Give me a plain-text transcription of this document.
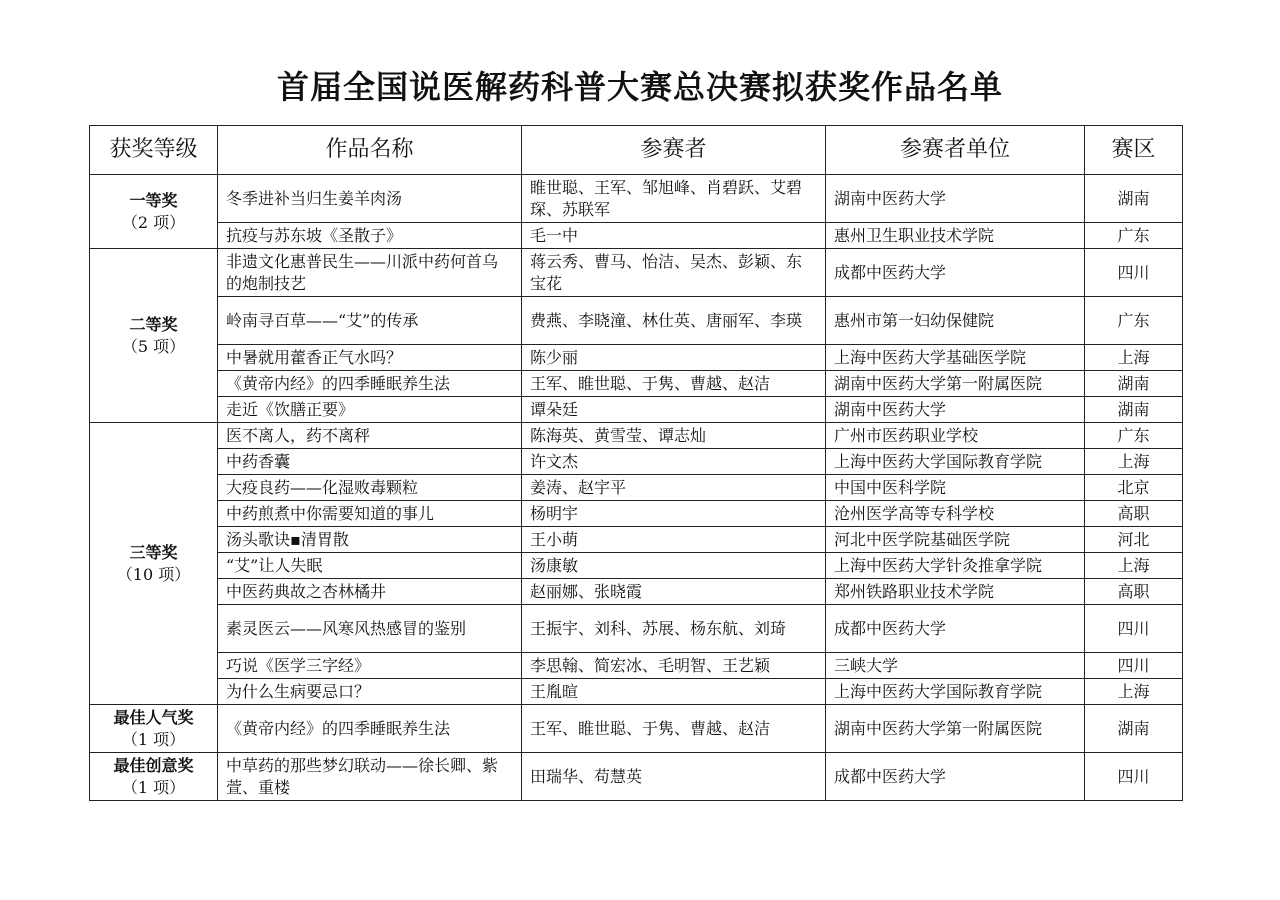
首届全国说医解药科普大赛总决赛拟获奖作品名单
获奖等级	作品名称	参赛者	参赛者单位	赛区

一等奖
（2 项）	冬季进补当归生姜羊肉汤	睢世聪、王军、邹旭峰、肖碧跃、艾碧琛、苏联军	湖南中医药大学	湖南
	抗疫与苏东坡《圣散子》	毛一中	惠州卫生职业技术学院	广东

二等奖
（5 项）	非遗文化惠普民生——川派中药何首乌的炮制技艺	蒋云秀、曹马、怡洁、吴杰、彭颖、东宝花	成都中医药大学	四川
	岭南寻百草——“艾”的传承	费燕、李晓潼、林仕英、唐丽军、李瑛	惠州市第一妇幼保健院	广东
	中暑就用藿香正气水吗？	陈少丽	上海中医药大学基础医学院	上海
	《黄帝内经》的四季睡眠养生法	王军、睢世聪、于隽、曹越、赵洁	湖南中医药大学第一附属医院	湖南
	走近《饮膳正要》	谭朵廷	湖南中医药大学	湖南

三等奖
（10 项）	医不离人，药不离秤	陈海英、黄雪莹、谭志灿	广州市医药职业学校	广东
	中药香囊	许文杰	上海中医药大学国际教育学院	上海
	大疫良药——化湿败毒颗粒	姜涛、赵宇平	中国中医科学院	北京
	中药煎煮中你需要知道的事儿	杨明宇	沧州医学高等专科学校	高职
	汤头歌诀▪清胃散	王小萌	河北中医学院基础医学院	河北
	“艾”让人失眠	汤康敏	上海中医药大学针灸推拿学院	上海
	中医药典故之杏林橘井	赵丽娜、张晓霞	郑州铁路职业技术学院	高职
	素灵医云——风寒风热感冒的鉴别	王振宇、刘科、苏展、杨东航、刘琦	成都中医药大学	四川
	巧说《医学三字经》	李思翰、简宏冰、毛明智、王艺颖	三峡大学	四川
	为什么生病要忌口？	王胤暄	上海中医药大学国际教育学院	上海

最佳人气奖
（1 项）	《黄帝内经》的四季睡眠养生法	王军、睢世聪、于隽、曹越、赵洁	湖南中医药大学第一附属医院	湖南

最佳创意奖
（1 项）	中草药的那些梦幻联动——徐长卿、紫萱、重楼	田瑞华、苟慧英	成都中医药大学	四川
